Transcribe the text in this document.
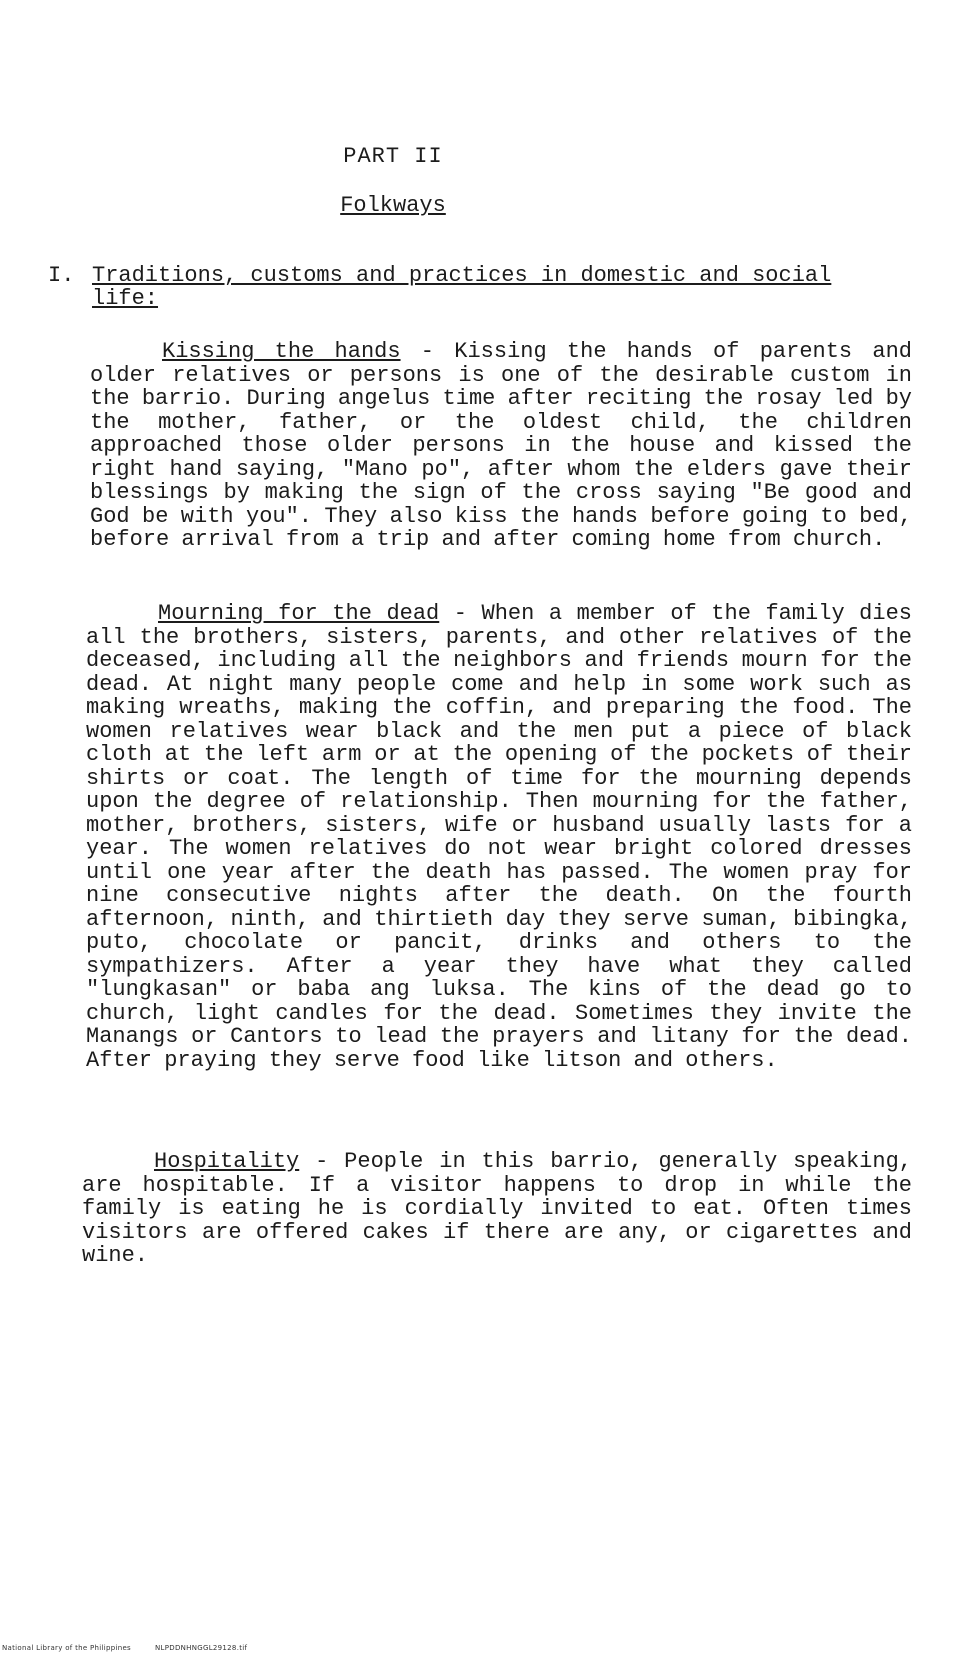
PART II
Folkways
I. Traditions, customs and practices in domestic and social life:

Kissing the hands - Kissing the hands of parents and older relatives or persons is one of the desirable custom in the barrio. During angelus time after reciting the rosay led by the mother, father, or the oldest child, the children approached those older persons in the house and kissed the right hand saying, "Mano po", after whom the elders gave their blessings by making the sign of the cross saying "Be good and God be with you". They also kiss the hands before going to bed, before arrival from a trip and after coming home from church.

Mourning for the dead - When a member of the family dies all the brothers, sisters, parents, and other relatives of the deceased, including all the neighbors and friends mourn for the dead. At night many people come and help in some work such as making wreaths, making the coffin, and preparing the food. The women relatives wear black and the men put a piece of black cloth at the left arm or at the opening of the pockets of their shirts or coat. The length of time for the mourning depends upon the degree of relationship. Then mourning for the father, mother, brothers, sisters, wife or husband usually lasts for a year. The women relatives do not wear bright colored dresses until one year after the death has passed. The women pray for nine consecutive nights after the death. On the fourth afternoon, ninth, and thirtieth day they serve suman, bibingka, puto, chocolate or pancit, drinks and others to the sympathizers. After a year they have what they called "lungkasan" or baba ang luksa. The kins of the dead go to church, light candles for the dead. Sometimes they invite the Manangs or Cantors to lead the prayers and litany for the dead. After praying they serve food like litson and others.

Hospitality - People in this barrio, generally speaking, are hospitable. If a visitor happens to drop in while the family is eating he is cordially invited to eat. Often times visitors are offered cakes if there are any, or cigarettes and wine.

National Library of the Philippines	NLPDDNHNGGL29128.tif
